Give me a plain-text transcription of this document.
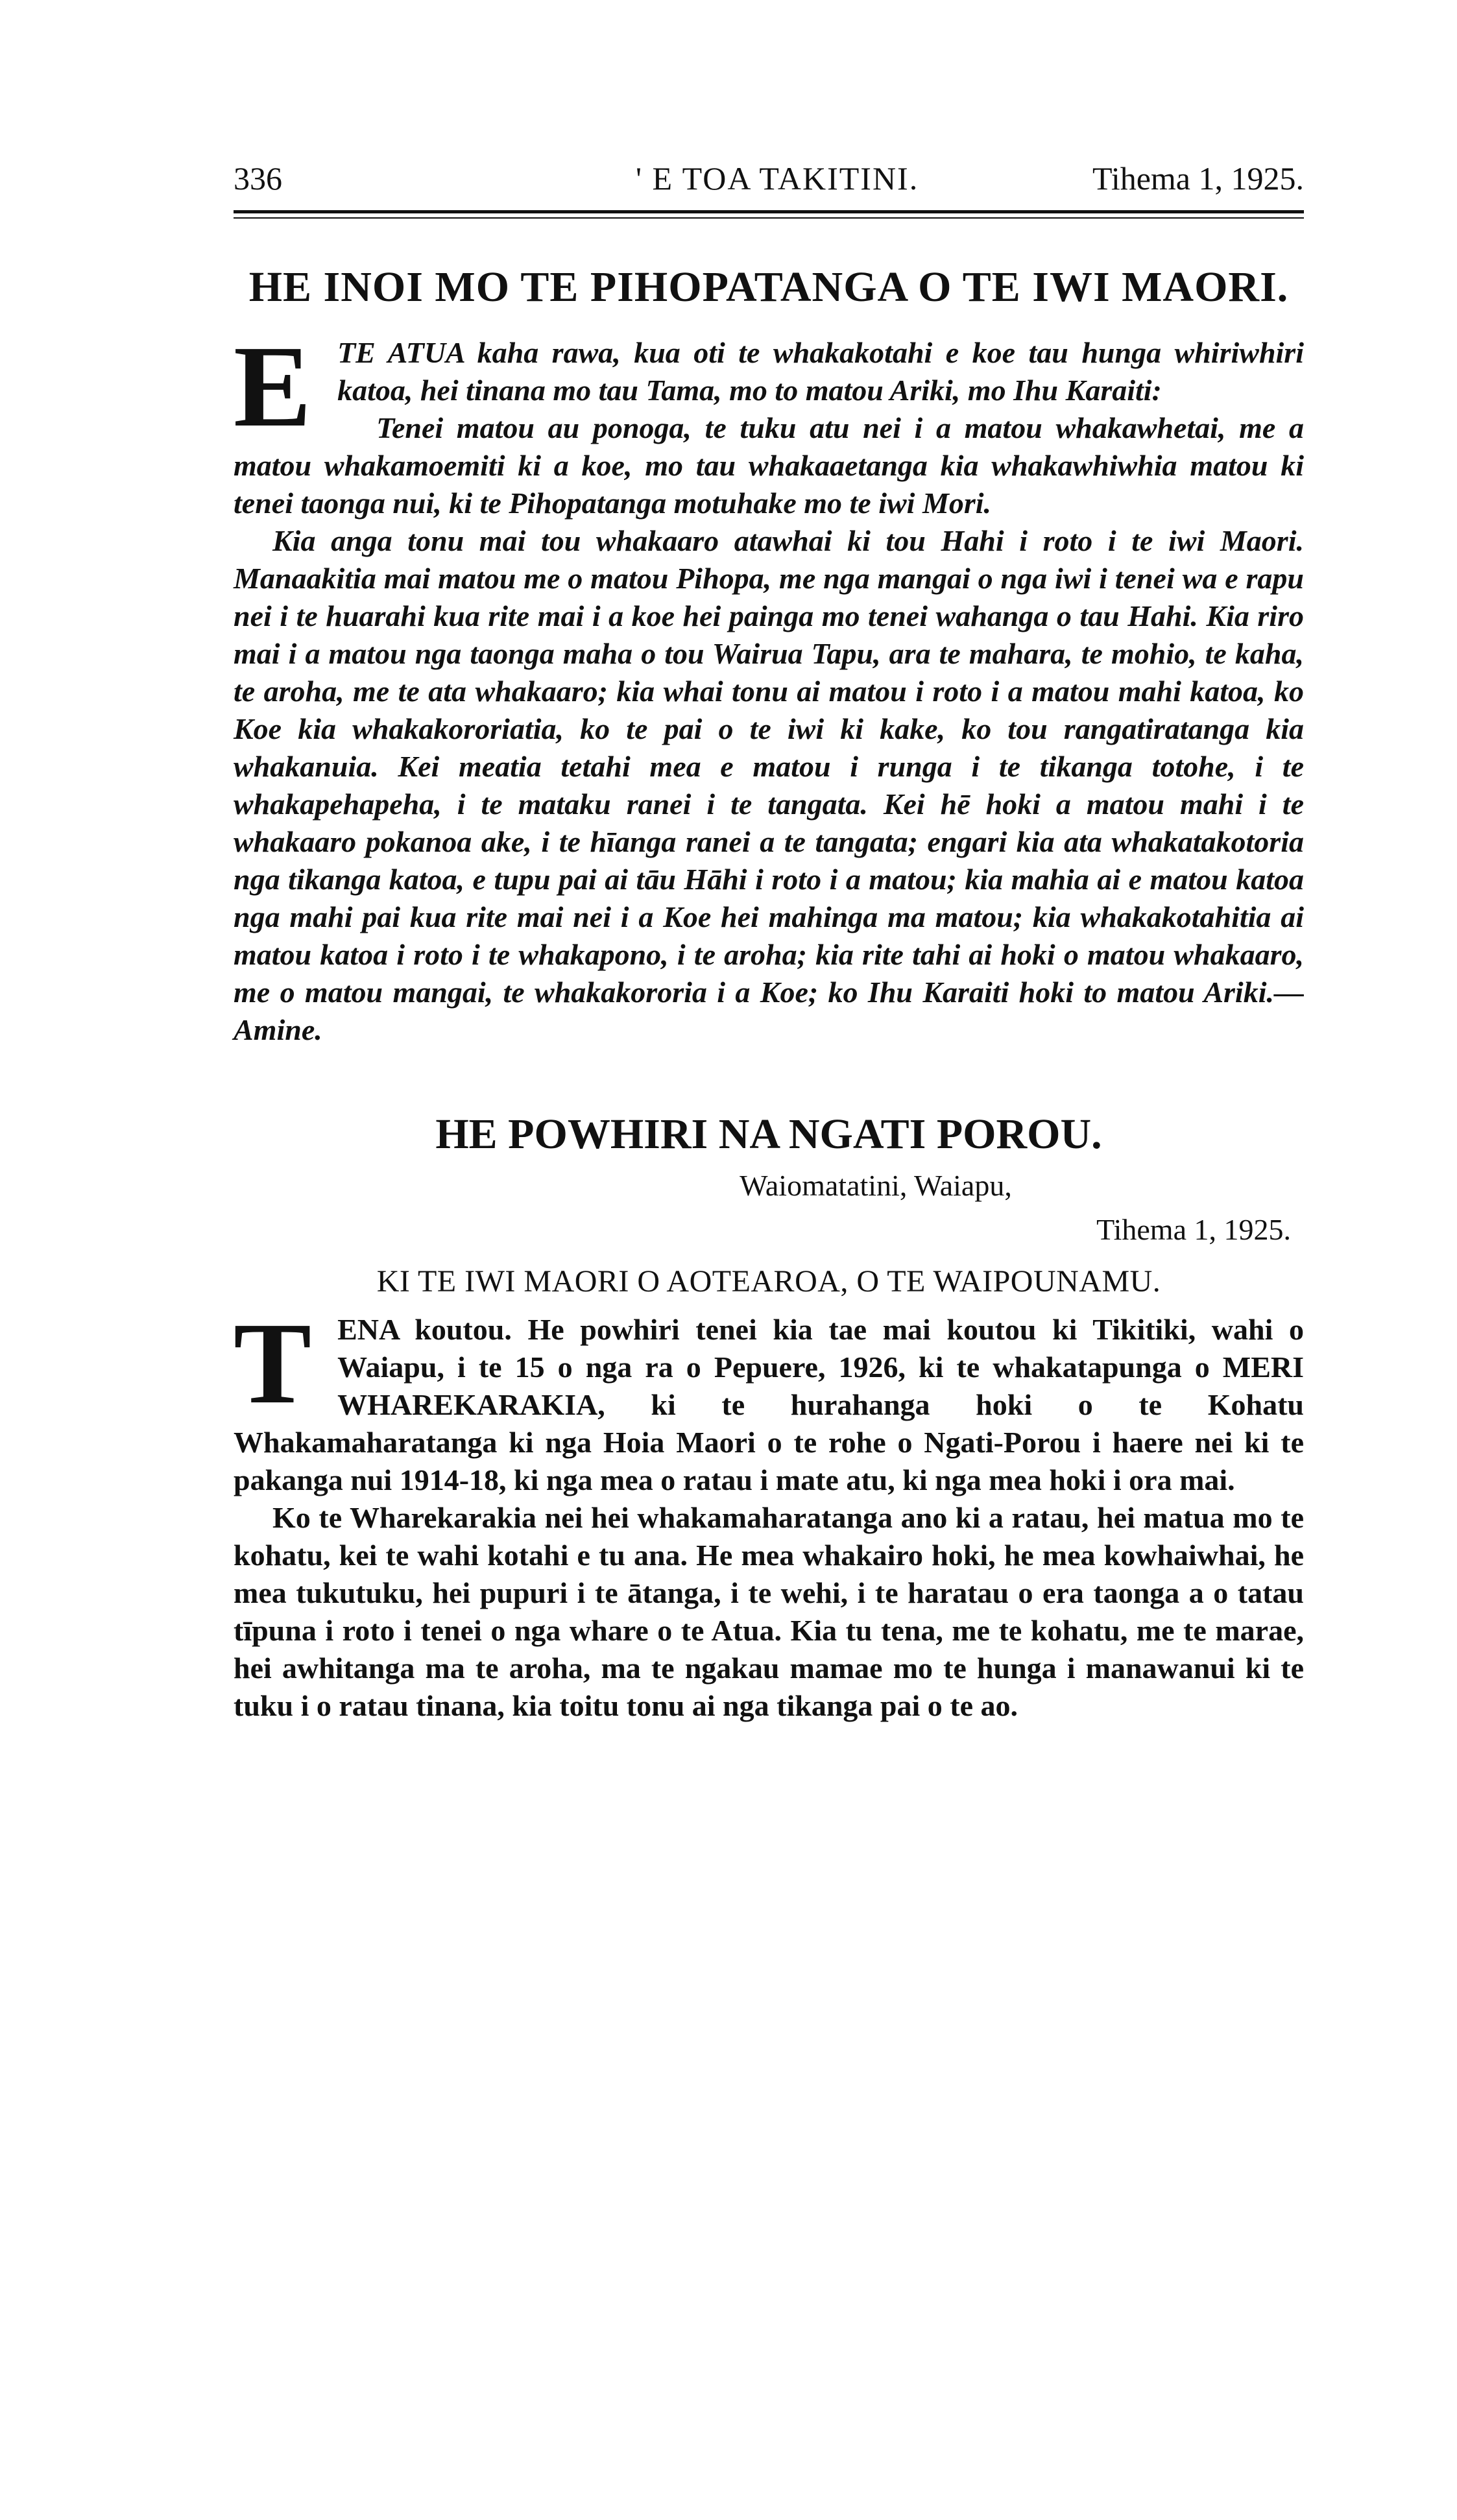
336	' E TOA TAKITINI.	Tihema 1, 1925.
HE INOI MO TE PIHOPATANGA O TE IWI MAORI.

ETE ATUA kaha rawa, kua oti te whakakotahi e koe tau hunga whiriwhiri katoa, hei tinana mo tau Tama, mo to matou Ariki, mo Ihu Karaiti:

Tenei matou au ponoga, te tuku atu nei i a matou whakawhetai, me a matou whakamoemiti ki a koe, mo tau whakaaetanga kia whakawhiwhia matou ki tenei taonga nui, ki te Pihopatanga motuhake mo te iwi Mori.

Kia anga tonu mai tou whakaaro atawhai ki tou Hahi i roto i te iwi Maori. Manaakitia mai matou me o matou Pihopa, me nga mangai o nga iwi i tenei wa e rapu nei i te huarahi kua rite mai i a koe hei painga mo tenei wahanga o tau Hahi. Kia riro mai i a matou nga taonga maha o tou Wairua Tapu, ara te mahara, te mohio, te kaha, te aroha, me te ata whakaaro; kia whai tonu ai matou i roto i a matou mahi katoa, ko Koe kia whakakororiatia, ko te pai o te iwi ki kake, ko tou rangatiratanga kia whakanuia. Kei meatia tetahi mea e matou i runga i te tikanga totohe, i te whakapehapeha, i te mataku ranei i te tangata. Kei hē hoki a matou mahi i te whakaaro pokanoa ake, i te hīanga ranei a te tangata; engari kia ata whakatakotoria nga tikanga katoa, e tupu pai ai tāu Hāhi i roto i a matou; kia mahia ai e matou katoa nga mahi pai kua rite mai nei i a Koe hei mahinga ma matou; kia whakakotahitia ai matou katoa i roto i te whakapono, i te aroha; kia rite tahi ai hoki o matou whakaaro, me o matou mangai, te whakakororia i a Koe; ko Ihu Karaiti hoki to matou Ariki.—Amine.

HE POWHIRI NA NGATI POROU.
Waiomatatini, Waiapu,
Tihema 1, 1925.
KI TE IWI MAORI O AOTEAROA, O TE WAIPOUNAMU.

TENA koutou. He powhiri tenei kia tae mai koutou ki Tikitiki, wahi o Waiapu, i te 15 o nga ra o Pepuere, 1926, ki te whakatapunga o MERI WHAREKARAKIA, ki te hurahanga hoki o te Kohatu Whakamaharatanga ki nga Hoia Maori o te rohe o Ngati-Porou i haere nei ki te pakanga nui 1914-18, ki nga mea o ratau i mate atu, ki nga mea hoki i ora mai.

Ko te Wharekarakia nei hei whakamaharatanga ano ki a ratau, hei matua mo te kohatu, kei te wahi kotahi e tu ana. He mea whakairo hoki, he mea kowhaiwhai, he mea tukutuku, hei pupuri i te ātanga, i te wehi, i te haratau o era taonga a o tatau tīpuna i roto i tenei o nga whare o te Atua. Kia tu tena, me te kohatu, me te marae, hei awhitanga ma te aroha, ma te ngakau mamae mo te hunga i manawanui ki te tuku i o ratau tinana, kia toitu tonu ai nga tikanga pai o te ao.
